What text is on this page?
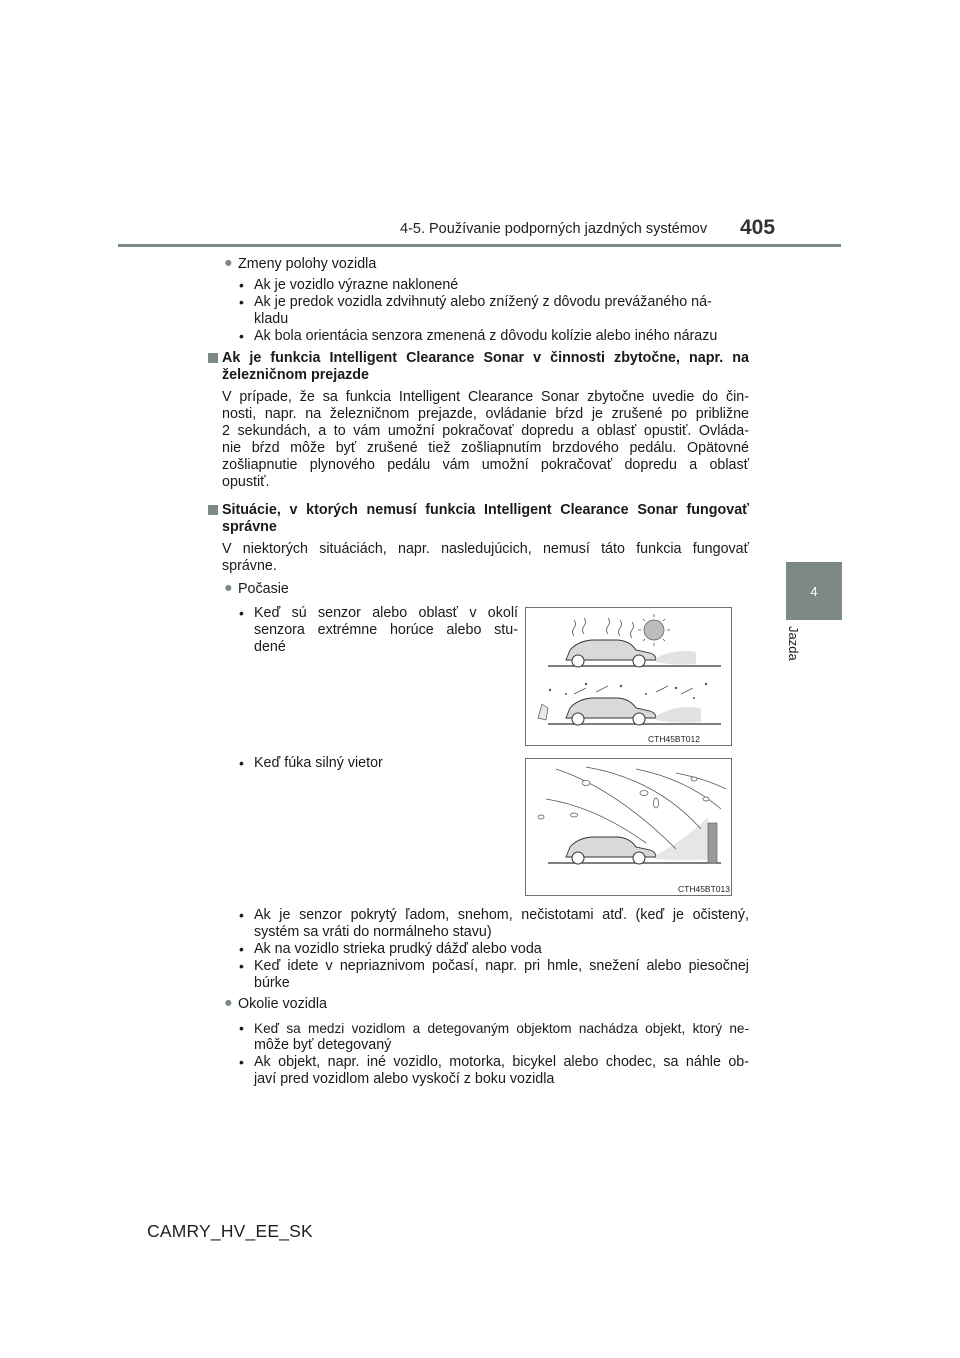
4-5. Používanie podporných jazdných systémov 405
4
Jazda
● Zmeny polohy vozidla
• Ak je vozidlo výrazne naklonené
• Ak je predok vozidla zdvihnutý alebo znížený z dôvodu prevážaného ná-
kladu
• Ak bola orientácia senzora zmenená z dôvodu kolízie alebo iného nárazu
Ak je funkcia Intelligent Clearance Sonar v činnosti zbytočne, napr. na
železničnom prejazde
V prípade, že sa funkcia Intelligent Clearance Sonar zbytočne uvedie do čin-
nosti, napr. na železničnom prejazde, ovládanie bŕzd je zrušené po približne
2 sekundách, a to vám umožní pokračovať dopredu a oblasť opustiť. Ovláda-
nie bŕzd môže byť zrušené tiež zošliapnutím brzdového pedálu. Opätovné
zošliapnutie plynového pedálu vám umožní pokračovať dopredu a oblasť
opustiť.
Situácie, v ktorých nemusí funkcia Intelligent Clearance Sonar fungovať
správne
V niektorých situáciách, napr. nasledujúcich, nemusí táto funkcia fungovať
správne.
● Počasie
• Keď sú senzor alebo oblasť v okolí
senzora extrémne horúce alebo stu-
dené
CTH45BT012
• Keď fúka silný vietor
CTH45BT013
• Ak je senzor pokrytý ľadom, snehom, nečistotami atď. (keď je očistený,
systém sa vráti do normálneho stavu)
• Ak na vozidlo strieka prudký dážď alebo voda
• Keď idete v nepriaznivom počasí, napr. pri hmle, snežení alebo piesočnej
búrke
● Okolie vozidla
• Keď sa medzi vozidlom a detegovaným objektom nachádza objekt, ktorý ne-
môže byť detegovaný
• Ak objekt, napr. iné vozidlo, motorka, bicykel alebo chodec, sa náhle ob-
javí pred vozidlom alebo vyskočí z boku vozidla
CAMRY_HV_EE_SK
